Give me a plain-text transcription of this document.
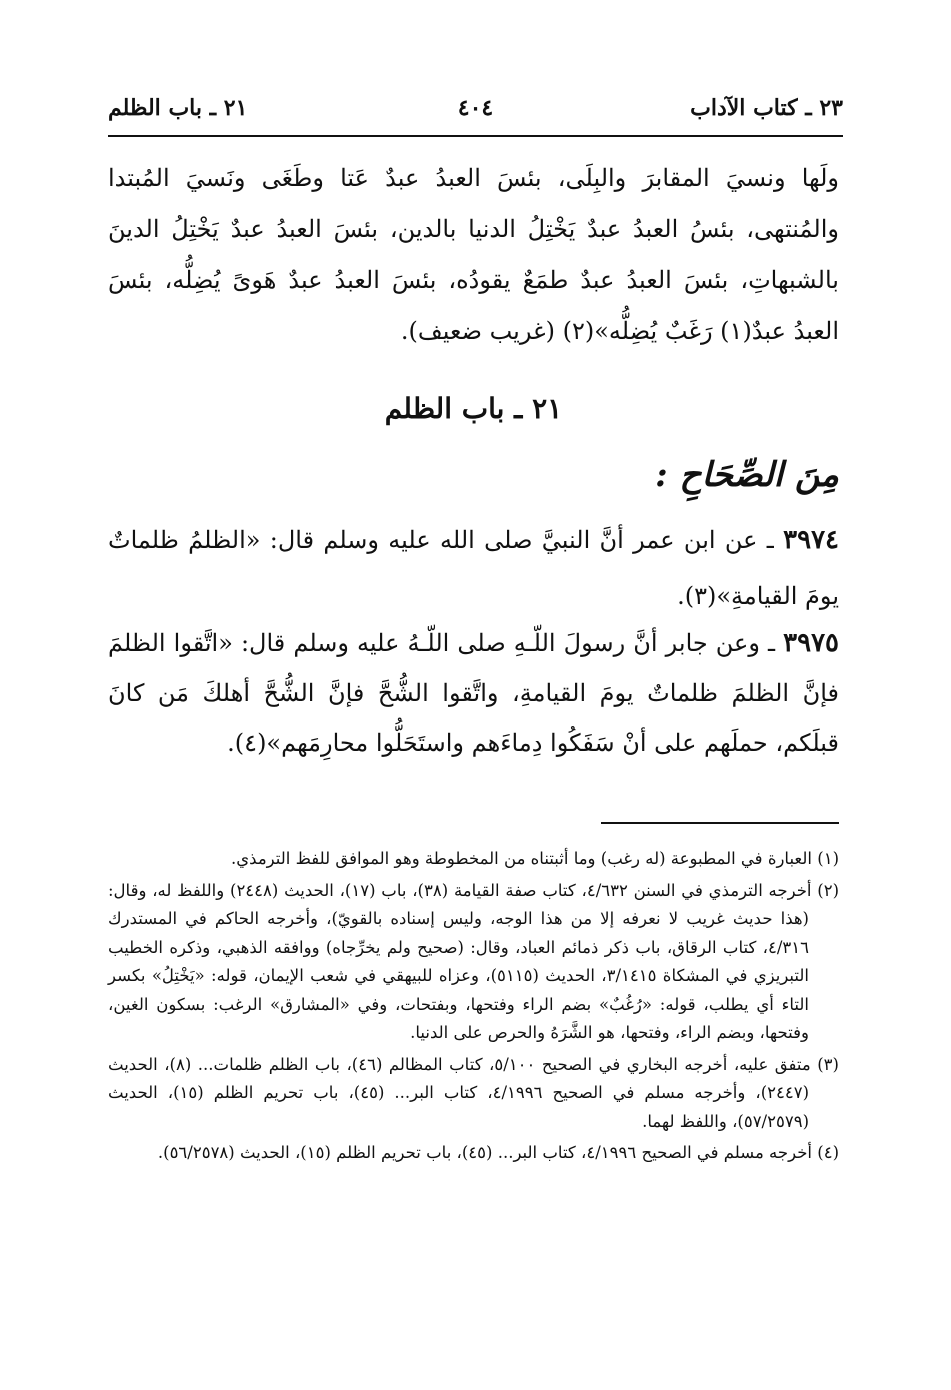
٢٣ ـ كتاب الآداب
٤٠٤
٢١ ـ باب الظلم

ولَها ونسيَ المقابرَ والبِلَى، بئسَ العبدُ عبدٌ عَتا وطَغَى ونَسيَ المُبتدا والمُنتهى، بئسُ العبدُ عبدٌ يَخْتِلُ الدنيا بالدين، بئسَ العبدُ عبدٌ يَخْتِلُ الدينَ بالشبهاتِ، بئسَ العبدُ عبدٌ طمَعٌ يقودُه، بئسَ العبدُ عبدٌ هَوىً يُضِلُّه، بئسَ العبدُ عبدٌ(١) رَغَبٌ يُضِلُّه»(٢) (غريب ضعيف).

٢١ ـ باب الظلم
مِنَ الصِّحَاحِ :

٣٩٧٤ ـ عن ابن عمر أنَّ النبيَّ صلى الله عليه وسلم قال: «الظلمُ ظلماتٌ يومَ القيامةِ»(٣).

٣٩٧٥ ـ وعن جابر أنَّ رسولَ اللّـهِ صلى اللّـهُ عليه وسلم قال: «اتَّقوا الظلمَ فإنَّ الظلمَ ظلماتٌ يومَ القيامةِ، واتَّقوا الشُّحَّ فإنَّ الشُّحَّ أهلكَ مَن كانَ قبلَكم، حملَهم على أنْ سَفَكُوا دِماءَهم واستَحَلُّوا محارِمَهم»(٤).

(١) العبارة في المطبوعة (له رغب) وما أثبتناه من المخطوطة وهو الموافق للفظ الترمذي.

(٢) أخرجه الترمذي في السنن ٤/٦٣٢، كتاب صفة القيامة (٣٨)، باب (١٧)، الحديث (٢٤٤٨) واللفظ له، وقال: (هذا حديث غريب لا نعرفه إلا من هذا الوجه، وليس إسناده بالقويّ)، وأخرجه الحاكم في المستدرك ٤/٣١٦، كتاب الرقاق، باب ذكر ذمائم العباد، وقال: (صحيح ولم يخرِّجاه) ووافقه الذهبي، وذكره الخطيب التبريزي في المشكاة ٣/١٤١٥، الحديث (٥١١٥)، وعزاه للبيهقي في شعب الإيمان، قوله: «يَخْتِلُ» بكسر التاء أي يطلب، قوله: «رُغُبٌ» بضم الراء وفتحها، وبفتحات، وفي «المشارق» الرغب: بسكون الغين، وفتحها، وبضم الراء، وفتحها، هو الشَّرَهُ والحرص على الدنيا.

(٣) متفق عليه، أخرجه البخاري في الصحيح ٥/١٠٠، كتاب المظالم (٤٦)، باب الظلم ظلمات... (٨)، الحديث (٢٤٤٧)، وأخرجه مسلم في الصحيح ٤/١٩٩٦، كتاب البر... (٤٥)، باب تحريم الظلم (١٥)، الحديث (٥٧/٢٥٧٩)، واللفظ لهما.

(٤) أخرجه مسلم في الصحيح ٤/١٩٩٦، كتاب البر... (٤٥)، باب تحريم الظلم (١٥)، الحديث (٥٦/٢٥٧٨).
